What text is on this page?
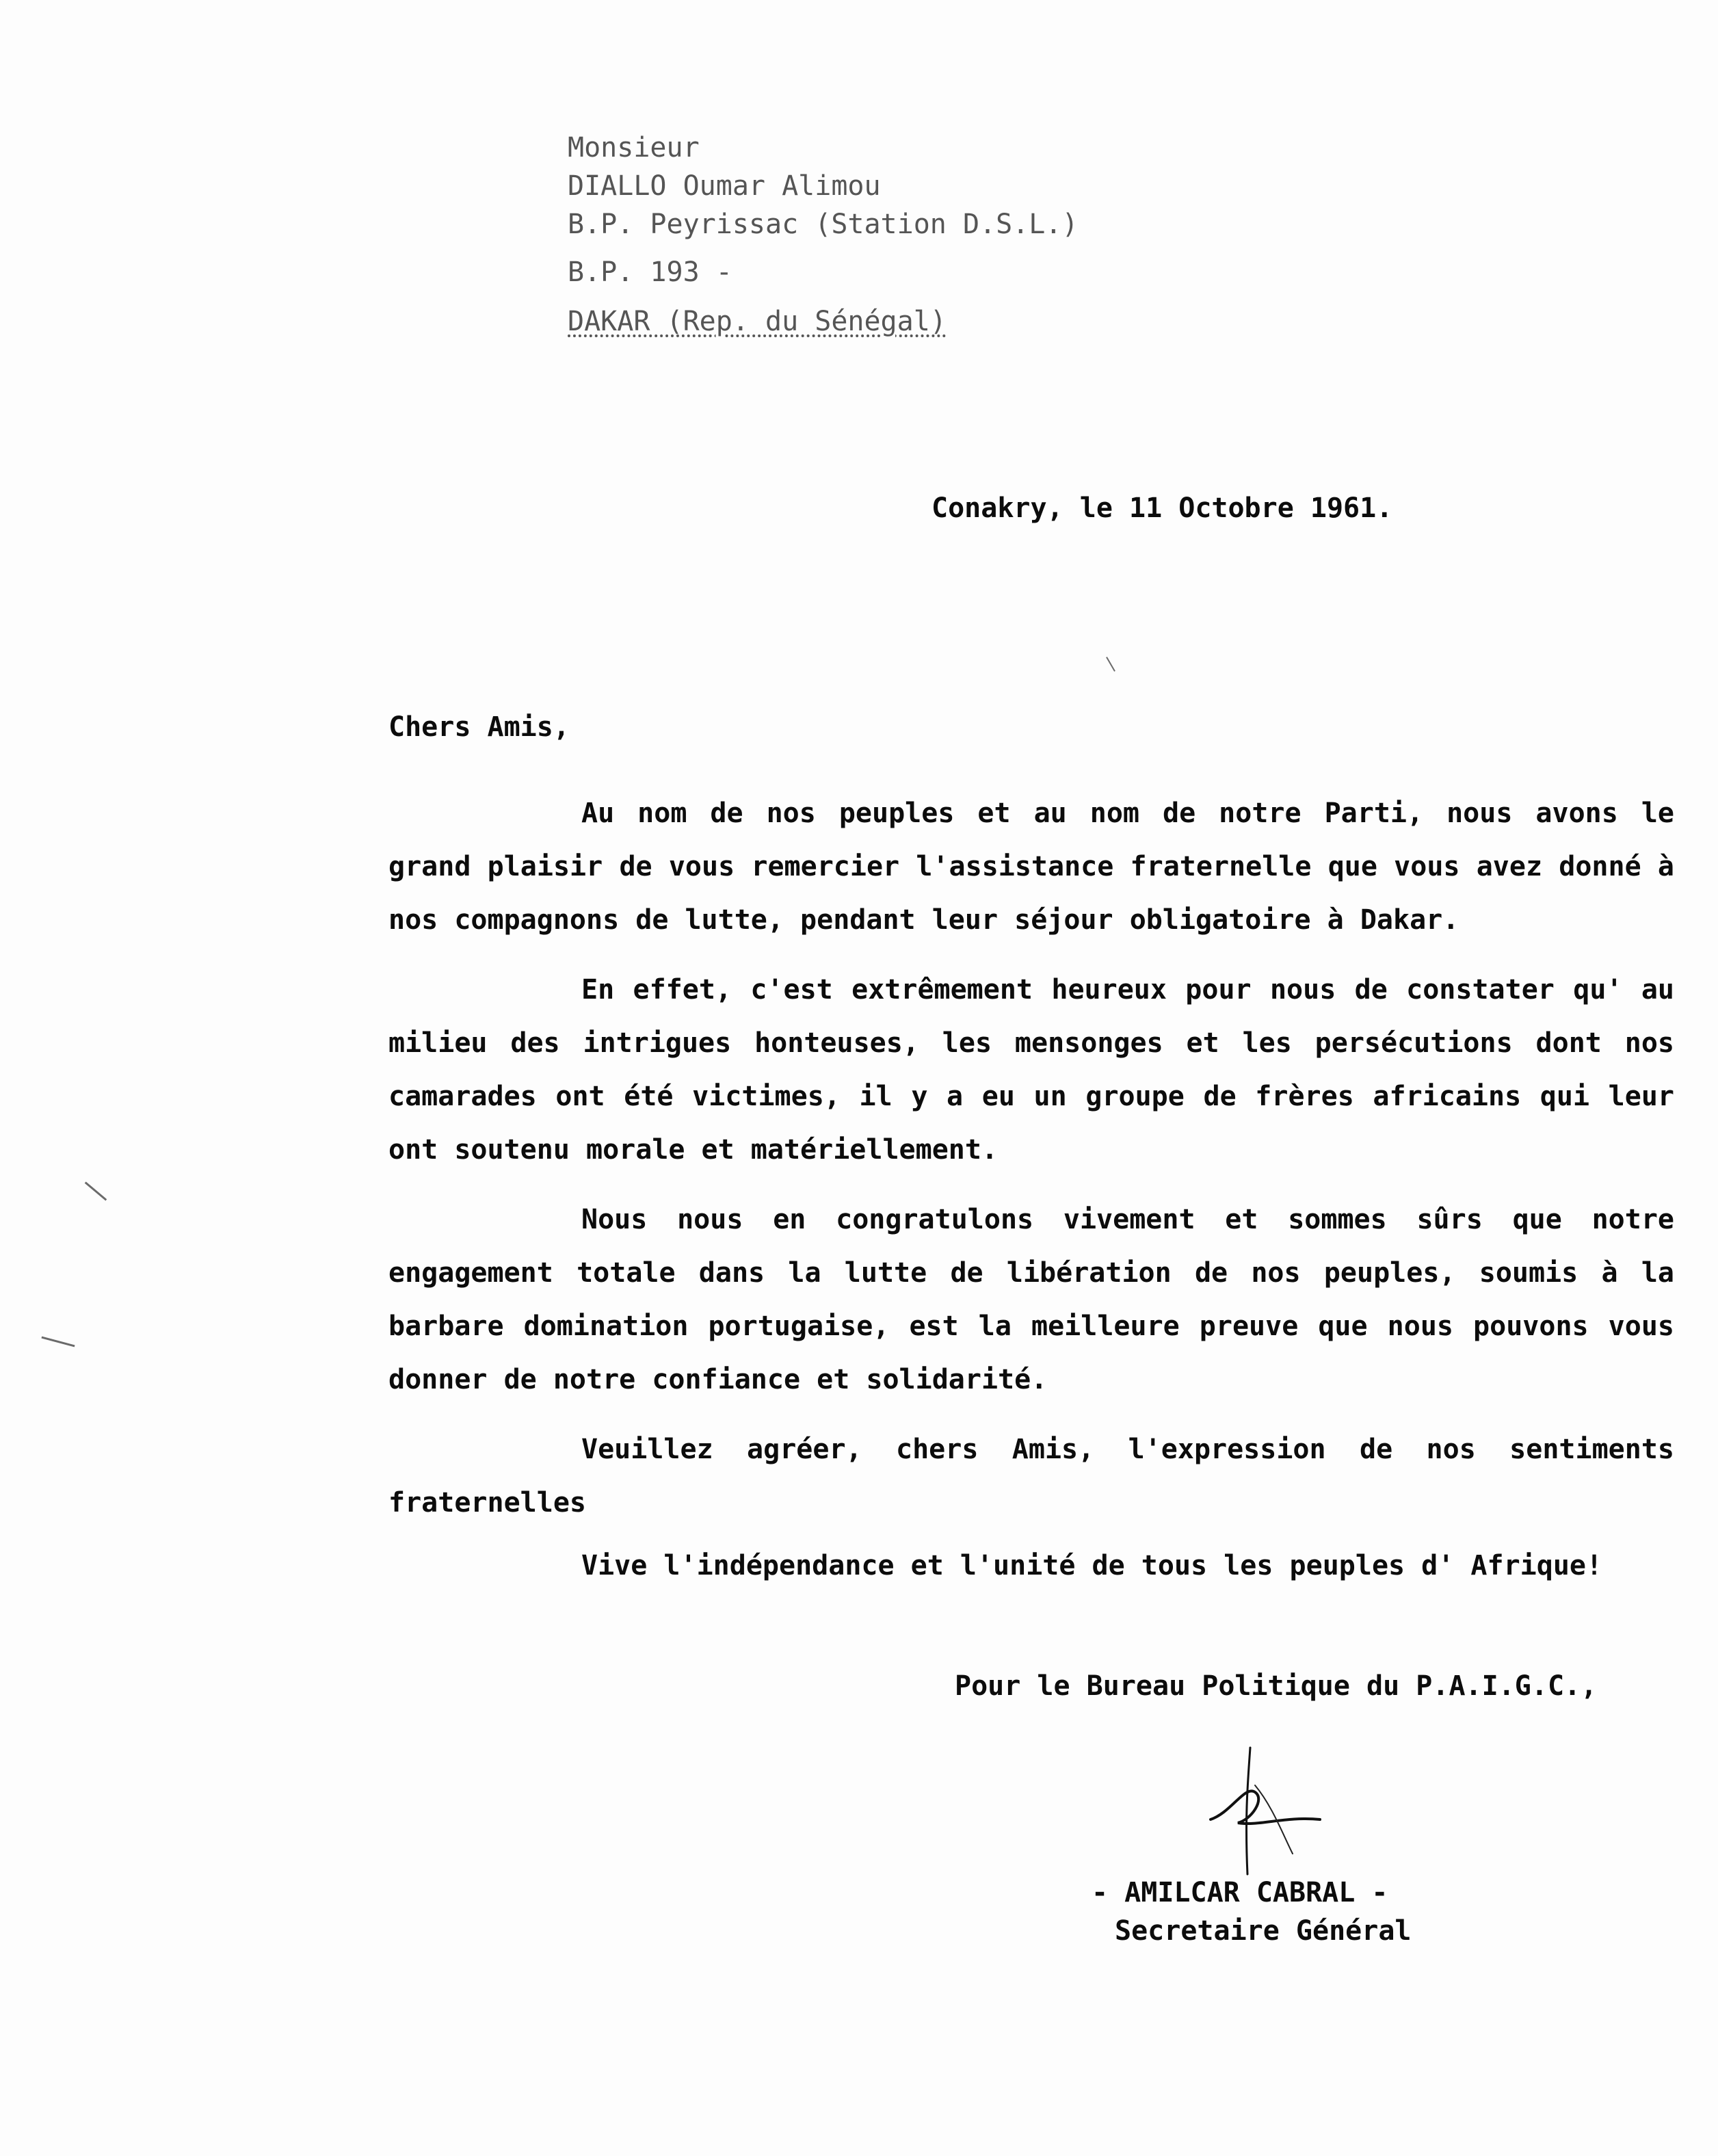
Monsieur
DIALLO Oumar Alimou
B.P. Peyrissac (Station D.S.L.)
B.P. 193 -
DAKAR (Rep. du Sénégal)
Conakry, le 11 Octobre 1961.
Chers Amis,

Au nom de nos peuples et au nom de notre Parti, nous avons le grand plaisir de vous remercier l'assistance fraternelle que vous avez donné à nos compagnons de lutte, pendant leur séjour obligatoire à Dakar.

En effet, c'est extrêmement heureux pour nous de constater qu' au milieu des intrigues honteuses, les mensonges et les persécutions dont nos camarades ont été victimes, il y a eu un groupe de frères africains qui leur ont soutenu morale et matériellement.

Nous nous en congratulons vivement et sommes sûrs que notre engagement totale dans la lutte de libération de nos peuples, soumis à la barbare domination portugaise, est la meilleure preuve que nous pouvons vous donner de notre confiance et solidarité.

Veuillez agréer, chers Amis, l'expression de nos sentiments fraternelles

Vive l'indépendance et l'unité de tous les peuples d' Afrique!
Pour le Bureau Politique du P.A.I.G.C.,
- AMILCAR CABRAL -
Secretaire Général
